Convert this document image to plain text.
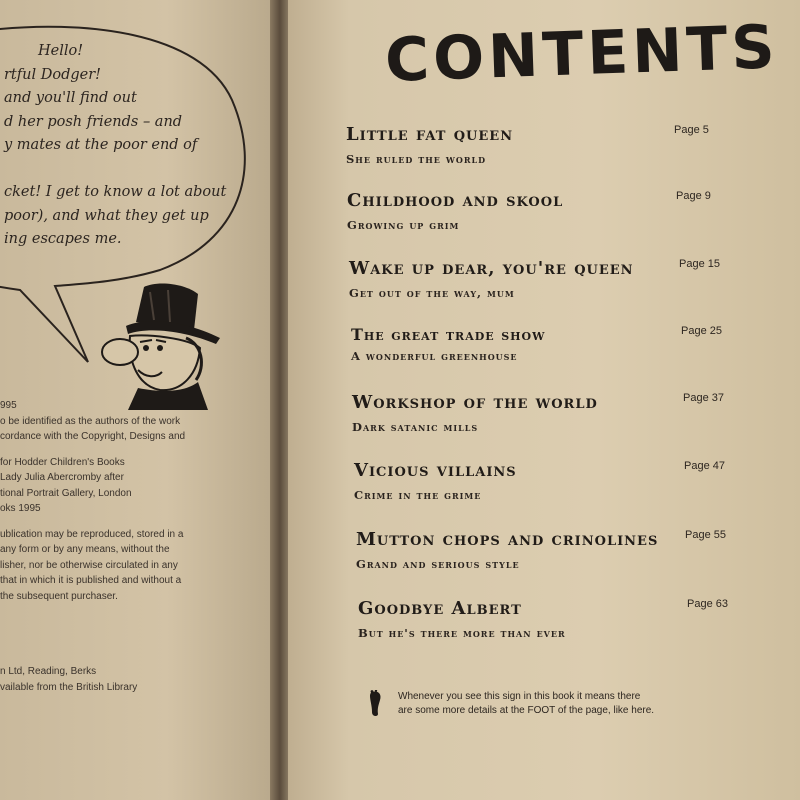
Hello!
rtful Dodger!
and you'll find out
d her posh friends – and
y mates at the poor end of
cket! I get to know a lot about
poor), and what they get up
ing escapes me.
995
o be identified as the authors of the work
cordance with the Copyright, Designs and
for Hodder Children's Books
Lady Julia Abercromby after
tional Portrait Gallery, London
oks 1995
ublication may be reproduced, stored in a
any form or by any means, without the
lisher, nor be otherwise circulated in any
that in which it is published and without a
the subsequent purchaser.
n Ltd, Reading, Berks
vailable from the British Library
CONTENTS
Little fat queen
She ruled the world
Page 5
Childhood and skool
Growing up grim
Page 9
Wake up dear, you're queen
Get out of the way, mum
Page 15
The great trade show
A wonderful greenhouse
Page 25
Workshop of the world
Dark satanic mills
Page 37
Vicious villains
Crime in the grime
Page 47
Mutton chops and crinolines
Grand and serious style
Page 55
Goodbye Albert
But he's there more than ever
Page 63
Whenever you see this sign in this book it means there
are some more details at the FOOT of the page, like here.
